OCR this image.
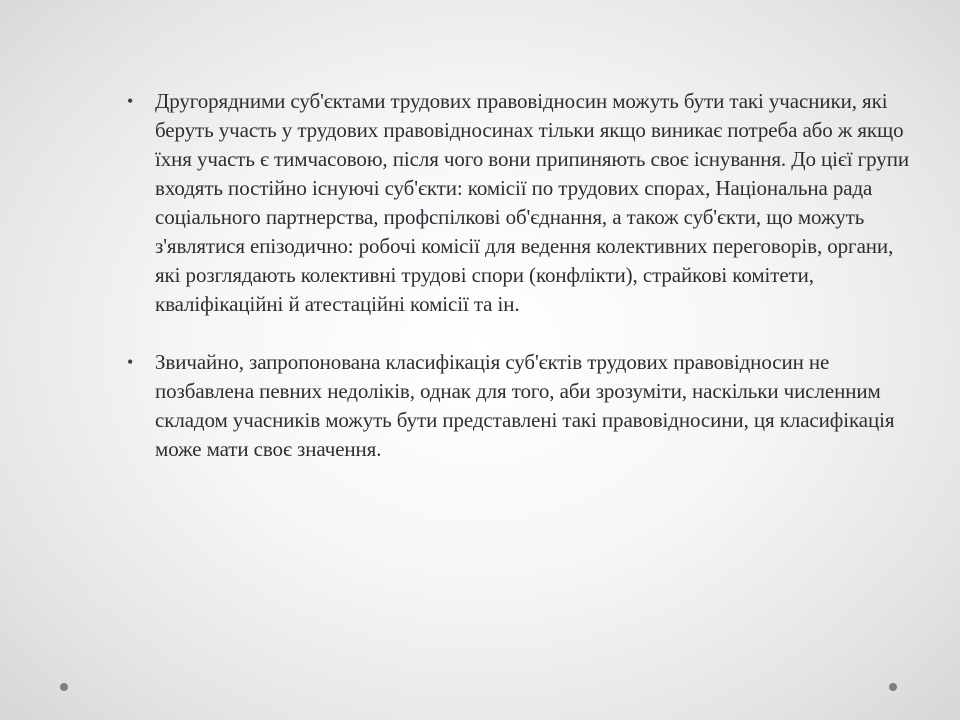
• Другорядними суб'єктами трудових правовідносин можуть бути такі учасники, які беруть участь у трудових правовідносинах тільки якщо виникає потреба або ж якщо їхня участь є тимчасовою, після чого вони припиняють своє існування. До цієї групи входять постійно існуючі суб'єкти: комісії по трудових спорах, Національна рада соціального партнерства, профспілкові об'єднання, а також суб'єкти, що можуть з'являтися епізодично: робочі комісії для ведення колективних переговорів, органи, які розглядають колективні трудові спори (конфлікти), страйкові комітети, кваліфікаційні й атестаційні комісії та ін.
• Звичайно, запропонована класифікація суб'єктів трудових правовідносин не позбавлена певних недоліків, однак для того, аби зрозуміти, наскільки численним складом учасників можуть бути представлені такі правовідносини, ця класифікація може мати своє значення.
